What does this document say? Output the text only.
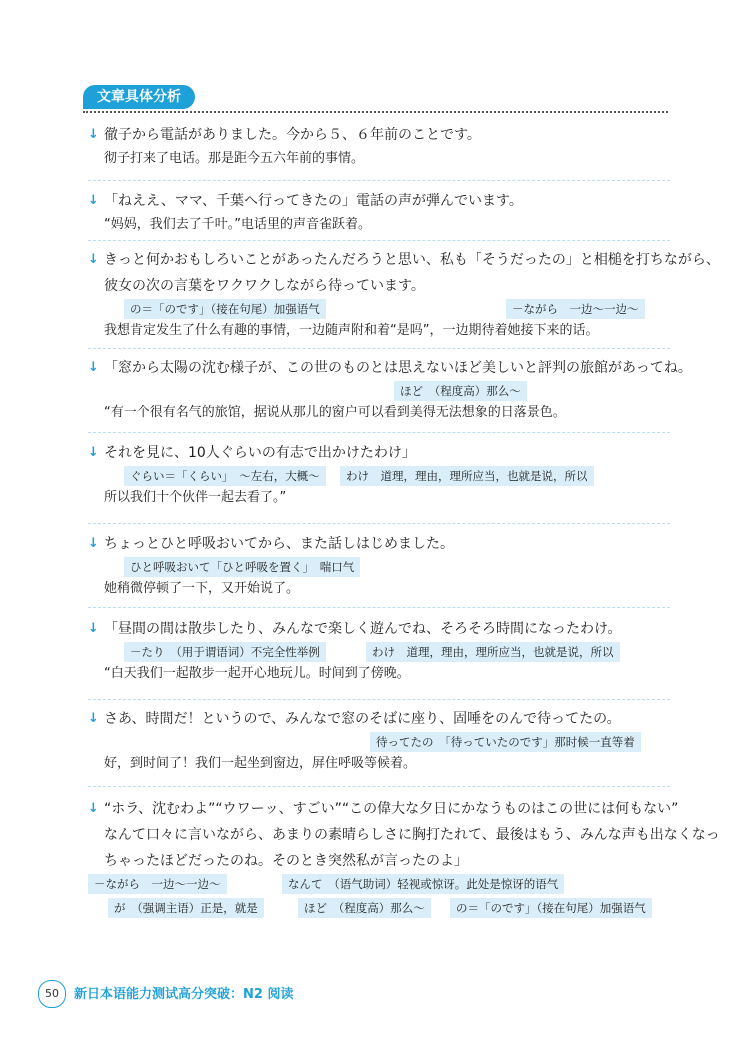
文章具体分析
↓ 徹子から電話がありました。今から５、６年前のことです。
彻子打来了电话。那是距今五六年前的事情。
↓ 「ねええ、ママ、千葉へ行ってきたの」電話の声が弾んでいます。
“妈妈，我们去了千叶。”电话里的声音雀跃着。
↓ きっと何かおもしろいことがあったんだろうと思い、私も「そうだったの」と相槌を打ちながら、
彼女の次の言葉をワクワクしながら待っています。
の＝「のです」（接在句尾）加强语气	－ながら　一边～一边～
我想肯定发生了什么有趣的事情，一边随声附和着“是吗”，一边期待着她接下来的话。
↓ 「窓から太陽の沈む様子が、この世のものとは思えないほど美しいと評判の旅館があってね。
ほど　（程度高）那么～
“有一个很有名气的旅馆，据说从那儿的窗户可以看到美得无法想象的日落景色。
↓ それを見に、10人ぐらいの有志で出かけたわけ」
ぐらい＝「くらい」　～左右，大概～	わけ　道理，理由，理所应当，也就是说，所以
所以我们十个伙伴一起去看了。”
↓ ちょっとひと呼吸おいてから、また話しはじめました。
ひと呼吸おいて「ひと呼吸を置く」　喘口气
她稍微停顿了一下，又开始说了。
↓ 「昼間の間は散歩したり、みんなで楽しく遊んでね、そろそろ時間になったわけ。
－たり　（用于谓语词）不完全性举例	わけ　道理，理由，理所应当，也就是说，所以
“白天我们一起散步一起开心地玩儿。时间到了傍晚。
↓ さあ、時間だ！というので、みんなで窓のそばに座り、固唾をのんで待ってたの。
待ってたの　「待っていたのです」那时候一直等着
好，到时间了！我们一起坐到窗边，屏住呼吸等候着。
↓ “ホラ、沈むわよ”“ウワーッ、すごい”“この偉大な夕日にかなうものはこの世には何もない”
なんて口々に言いながら、あまりの素晴らしさに胸打たれて、最後はもう、みんな声も出なくなっ
ちゃったほどだったのね。そのとき突然私が言ったのよ」
－ながら　一边～一边～	なんて　（语气助词）轻视或惊讶。此处是惊讶的语气
が　（强调主语）正是，就是	ほど　（程度高）那么～	の＝「のです」（接在句尾）加强语气
50	新日本语能力测试高分突破：N2 阅读
